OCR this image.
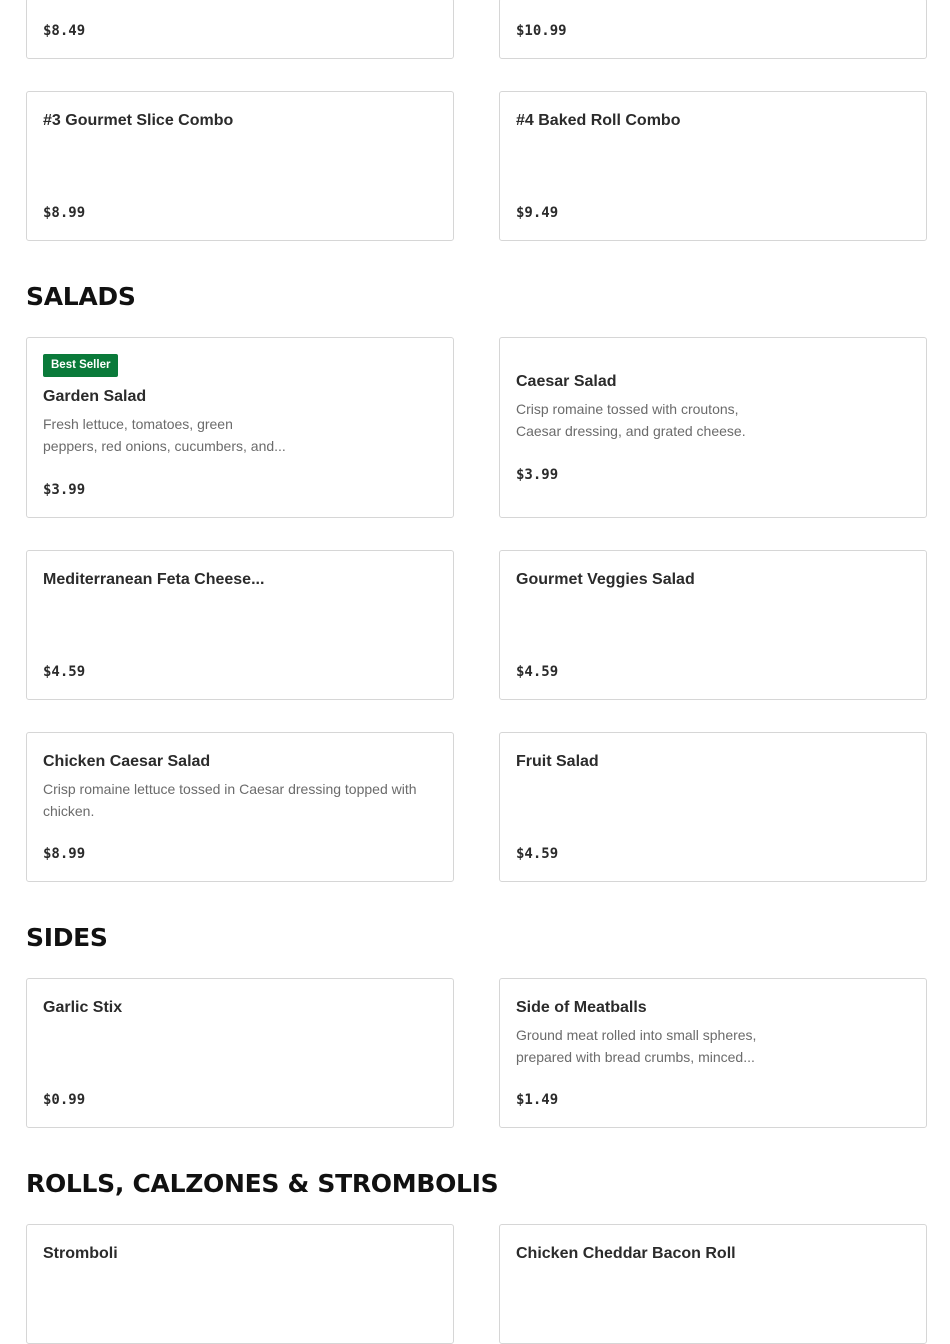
$8.49	$10.99
#3 Gourmet Slice Combo
$8.99
#4 Baked Roll Combo
$9.49
SALADS
Best Seller
Garden Salad
Fresh lettuce, tomatoes, green
peppers, red onions, cucumbers, and...
$3.99
Caesar Salad
Crisp romaine tossed with croutons,
Caesar dressing, and grated cheese.
$3.99
Mediterranean Feta Cheese...
$4.59
Gourmet Veggies Salad
$4.59
Chicken Caesar Salad
Crisp romaine lettuce tossed in Caesar dressing topped with
chicken.
$8.99
Fruit Salad
$4.59
SIDES
Garlic Stix
$0.99
Side of Meatballs
Ground meat rolled into small spheres,
prepared with bread crumbs, minced...
$1.49
ROLLS, CALZONES & STROMBOLIS
Stromboli	Chicken Cheddar Bacon Roll
